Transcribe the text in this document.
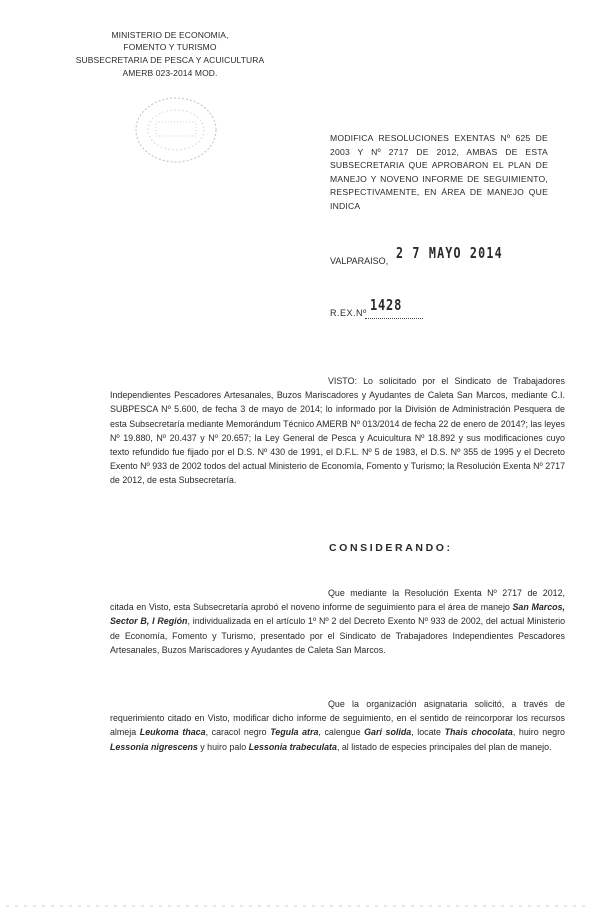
MINISTERIO DE ECONOMIA,
FOMENTO Y TURISMO
SUBSECRETARIA DE PESCA Y ACUICULTURA
AMERB 023-2014 MOD.
MODIFICA RESOLUCIONES EXENTAS Nº 625 DE 2003 Y Nº 2717 DE 2012, AMBAS DE ESTA SUBSECRETARIA QUE APROBARON EL PLAN DE MANEJO Y NOVENO INFORME DE SEGUIMIENTO, RESPECTIVAMENTE, EN ÁREA DE MANEJO QUE INDICA
VALPARAISO, 2 7 MAYO 2014
R.EX.Nº 1428

VISTO: Lo solicitado por el Sindicato de Trabajadores Independientes Pescadores Artesanales, Buzos Mariscadores y Ayudantes de Caleta San Marcos, mediante C.I. SUBPESCA Nº 5.600, de fecha 3 de mayo de 2014; lo informado por la División de Administración Pesquera de esta Subsecretaría mediante Memorándum Técnico AMERB Nº 013/2014 de fecha 22 de enero de 2014?; las leyes Nº 19.880, Nº 20.437 y Nº 20.657; la Ley General de Pesca y Acuicultura Nº 18.892 y sus modificaciones cuyo texto refundido fue fijado por el D.S. Nº 430 de 1991, el D.F.L. Nº 5 de 1983, el D.S. Nº 355 de 1995 y el Decreto Exento Nº 933 de 2002 todos del actual Ministerio de Economía, Fomento y Turismo; la Resolución Exenta Nº 2717 de 2012, de esta Subsecretaría.

CONSIDERANDO:

Que mediante la Resolución Exenta Nº 2717 de 2012, citada en Visto, esta Subsecretaría aprobó el noveno informe de seguimiento para el área de manejo San Marcos, Sector B, I Región, individualizada en el artículo 1º Nº 2 del Decreto Exento Nº 933 de 2002, del actual Ministerio de Economía, Fomento y Turismo, presentado por el Sindicato de Trabajadores Independientes Pescadores Artesanales, Buzos Mariscadores y Ayudantes de Caleta San Marcos.

Que la organización asignataria solicitó, a través de requerimiento citado en Visto, modificar dicho informe de seguimiento, en el sentido de reincorporar los recursos almeja Leukoma thaca, caracol negro Tegula atra, calengue Gari solida, locate Thais chocolata, huiro negro Lessonia nigrescens y huiro palo Lessonia trabeculata, al listado de especies principales del plan de manejo.
